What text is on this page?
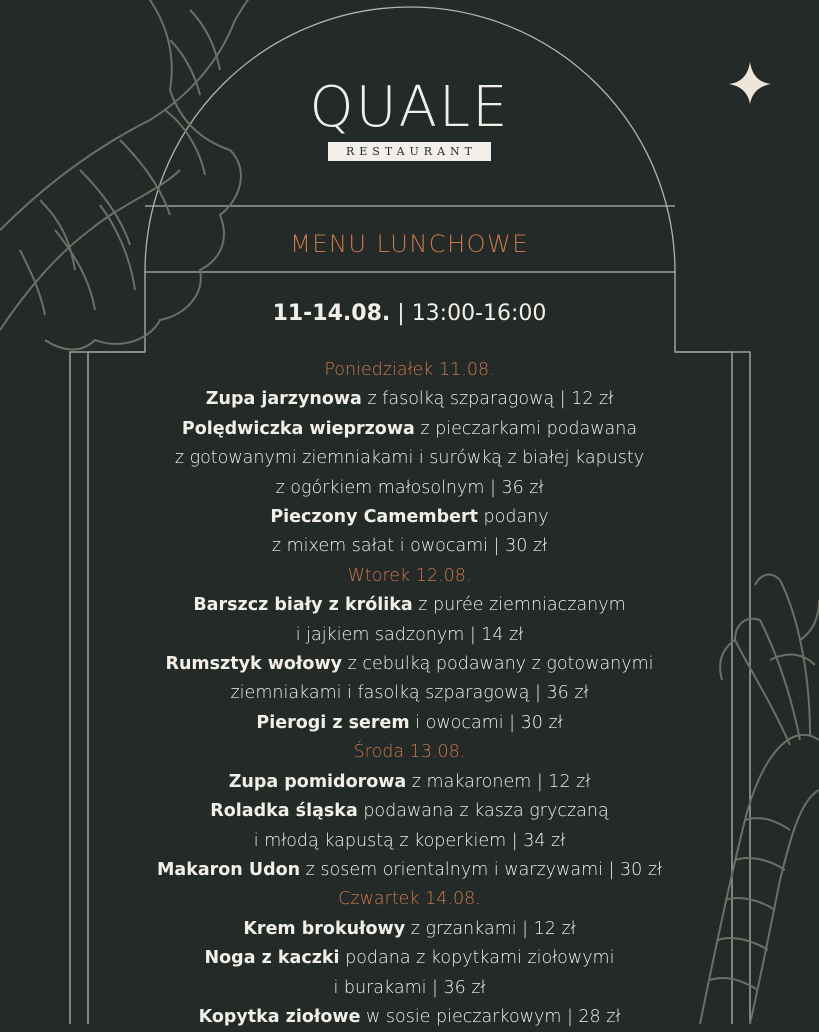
QUALE
RESTAURANT
MENU LUNCHOWE
11-14.08. | 13:00-16:00
Poniedziałek 11.08.
Zupa jarzynowa z fasolką szparagową | 12 zł
Polędwiczka wieprzowa z pieczarkami podawana
z gotowanymi ziemniakami i surówką z białej kapusty
z ogórkiem małosolnym | 36 zł
Pieczony Camembert podany
z mixem sałat i owocami | 30 zł
Wtorek 12.08.
Barszcz biały z królika z purée ziemniaczanym
i jajkiem sadzonym | 14 zł
Rumsztyk wołowy z cebulką podawany z gotowanymi
ziemniakami i fasolką szparagową | 36 zł
Pierogi z serem i owocami | 30 zł
Środa 13.08.
Zupa pomidorowa z makaronem | 12 zł
Roladka śląska podawana z kasza gryczaną
i młodą kapustą z koperkiem | 34 zł
Makaron Udon z sosem orientalnym i warzywami | 30 zł
Czwartek 14.08.
Krem brokułowy z grzankami | 12 zł
Noga z kaczki podana z kopytkami ziołowymi
i burakami | 36 zł
Kopytka ziołowe w sosie pieczarkowym | 28 zł
